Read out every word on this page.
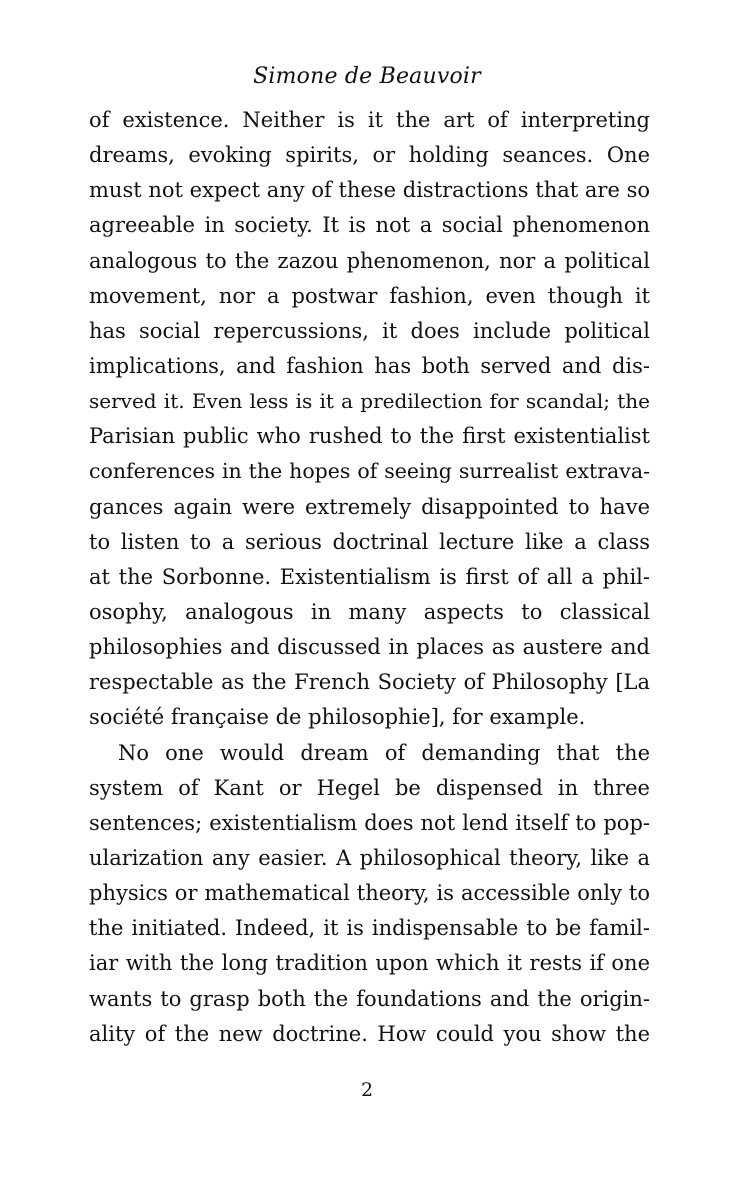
Simone de Beauvoir
of existence. Neither is it the art of interpreting
dreams, evoking spirits, or holding seances. One
must not expect any of these distractions that are so
agreeable in society. It is not a social phenomenon
analogous to the zazou phenomenon, nor a political
movement, nor a postwar fashion, even though it
has social repercussions, it does include political
implications, and fashion has both served and dis-
served it. Even less is it a predilection for scandal; the
Parisian public who rushed to the first existentialist
conferences in the hopes of seeing surrealist extrava-
gances again were extremely disappointed to have
to listen to a serious doctrinal lecture like a class
at the Sorbonne. Existentialism is first of all a phil-
osophy, analogous in many aspects to classical
philosophies and discussed in places as austere and
respectable as the French Society of Philosophy [La
société française de philosophie], for example.
No one would dream of demanding that the
system of Kant or Hegel be dispensed in three
sentences; existentialism does not lend itself to pop-
ularization any easier. A philosophical theory, like a
physics or mathematical theory, is accessible only to
the initiated. Indeed, it is indispensable to be famil-
iar with the long tradition upon which it rests if one
wants to grasp both the foundations and the origin-
ality of the new doctrine. How could you show the
2
